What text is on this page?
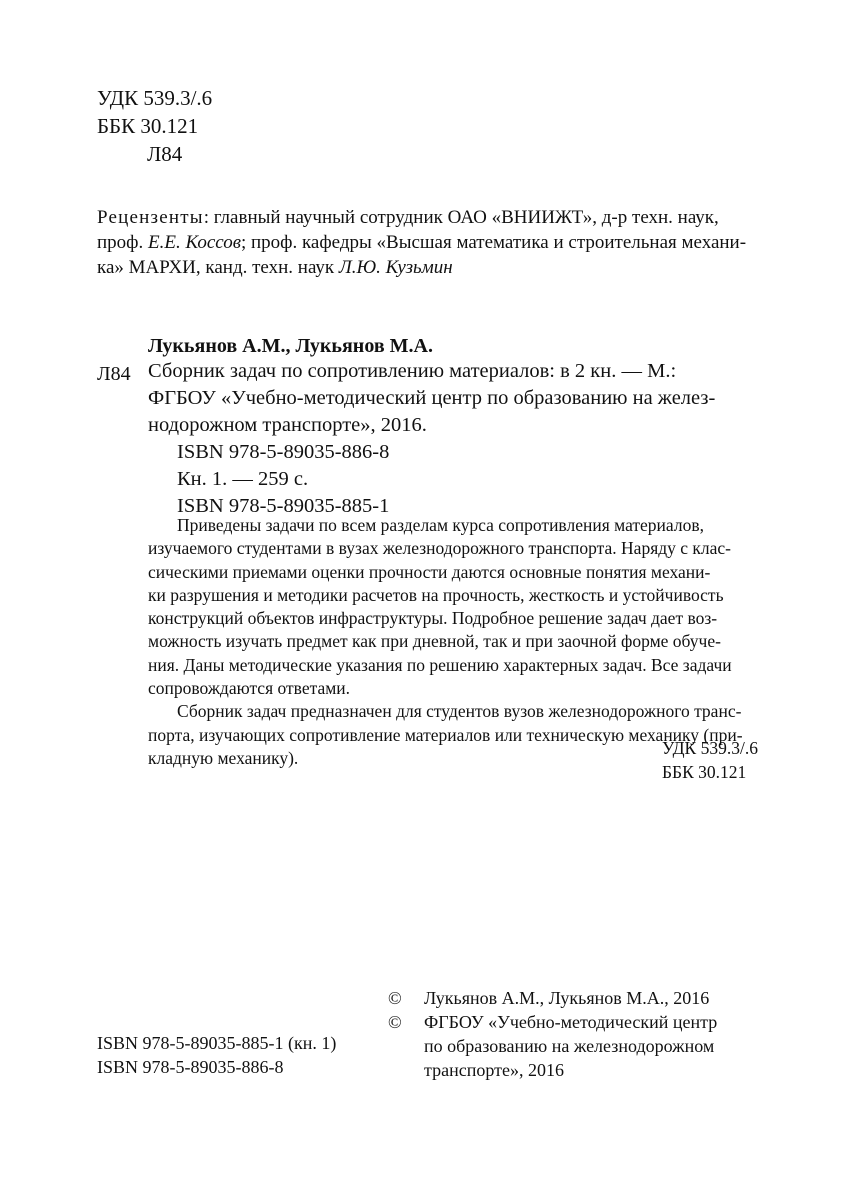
УДК 539.3/.6
ББК 30.121
Л84
Рецензенты: главный научный сотрудник ОАО «ВНИИЖТ», д-р техн. наук,
проф. Е.Е. Коссов; проф. кафедры «Высшая математика и строительная механи-
ка» МАРХИ, канд. техн. наук Л.Ю. Кузьмин
Лукьянов А.М., Лукьянов М.А.
Л84 Сборник задач по сопротивлению материалов: в 2 кн. — М.:
ФГБОУ «Учебно-методический центр по образованию на желез-
нодорожном транспорте», 2016.
ISBN 978-5-89035-886-8
Кн. 1. — 259 с.
ISBN 978-5-89035-885-1
Приведены задачи по всем разделам курса сопротивления материалов,
изучаемого студентами в вузах железнодорожного транспорта. Наряду с клас-
сическими приемами оценки прочности даются основные понятия механи-
ки разрушения и методики расчетов на прочность, жесткость и устойчивость
конструкций объектов инфраструктуры. Подробное решение задач дает воз-
можность изучать предмет как при дневной, так и при заочной форме обуче-
ния. Даны методические указания по решению характерных задач. Все задачи
сопровождаются ответами.
Сборник задач предназначен для студентов вузов железнодорожного транс-
порта, изучающих сопротивление материалов или техническую механику (при-
кладную механику).	УДК 539.3/.6
ББК 30.121
©	Лукьянов А.М., Лукьянов М.А., 2016
©	ФГБОУ «Учебно-методический центр
по образованию на железнодорожном
транспорте», 2016
ISBN 978-5-89035-885-1 (кн. 1)
ISBN 978-5-89035-886-8
